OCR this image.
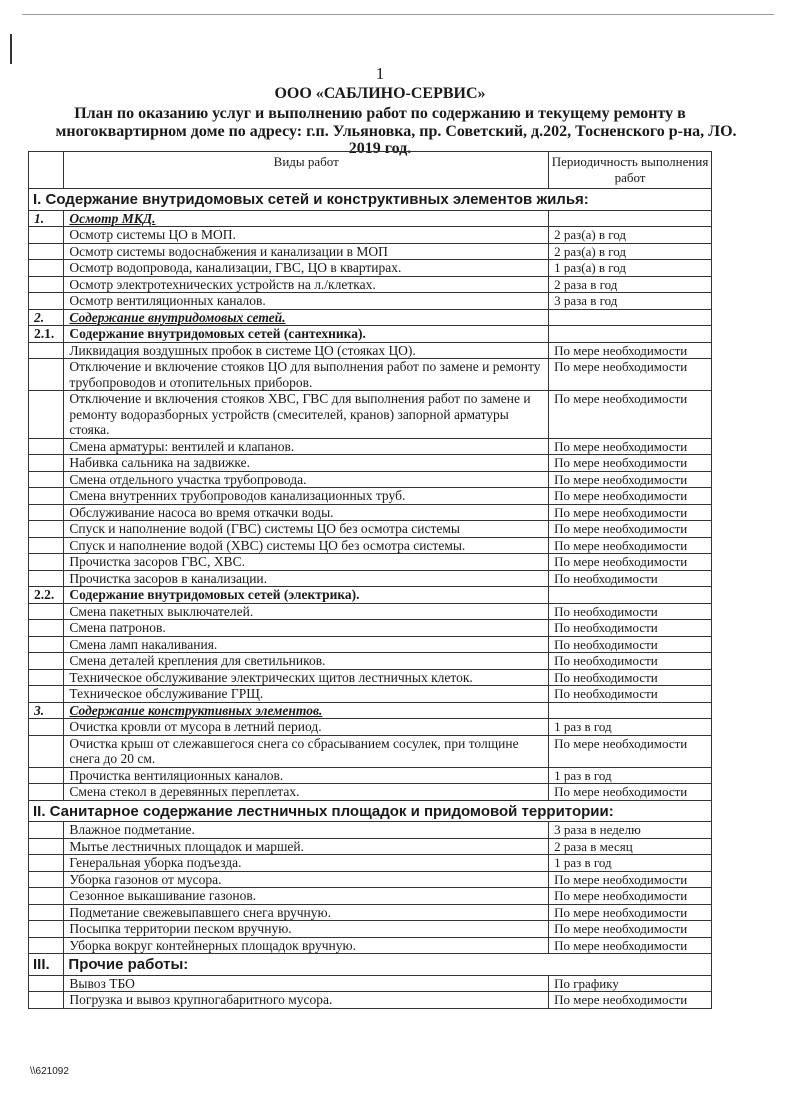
1
ООО «САБЛИНО-СЕРВИС»
План по оказанию услуг и выполнению работ по содержанию и текущему ремонту в
многоквартирном доме по адресу: г.п. Ульяновка, пр. Советский, д.202, Тосненского р-на, ЛО.
2019 год.
	Виды работ	Периодичность выполнения работ
I. Содержание внутридомовых сетей и конструктивных элементов жилья:		
1.	Осмотр МКД.	
	Осмотр системы ЦО в МОП.	2 раз(а) в год
	Осмотр системы водоснабжения и канализации в МОП	2 раз(а) в год
	Осмотр водопровода, канализации, ГВС, ЦО в квартирах.	1 раз(а) в год
	Осмотр электротехнических устройств на л./клетках.	2 раза в год
	Осмотр вентиляционных каналов.	3 раза в год
2.	Содержание внутридомовых сетей.	
2.1.	Содержание внутридомовых сетей (сантехника).	
	Ликвидация воздушных пробок в системе ЦО (стояках ЦО).	По мере необходимости
	Отключение и включение стояков ЦО для выполнения работ по замене и ремонту трубопроводов и отопительных приборов.	По мере необходимости
	Отключение и включения стояков ХВС, ГВС для выполнения работ по замене и ремонту водоразборных устройств (смесителей, кранов) запорной арматуры стояка.	По мере необходимости
	Смена арматуры: вентилей и клапанов.	По мере необходимости
	Набивка сальника на задвижке.	По мере необходимости
	Смена отдельного участка трубопровода.	По мере необходимости
	Смена внутренних трубопроводов канализационных труб.	По мере необходимости
	Обслуживание насоса во время откачки воды.	По мере необходимости
	Спуск и наполнение водой (ГВС) системы ЦО без осмотра системы	По мере необходимости
	Спуск и наполнение водой (ХВС) системы ЦО без осмотра системы.	По мере необходимости
	Прочистка засоров ГВС, ХВС.	По мере необходимости
	Прочистка засоров в канализации.	По необходимости
2.2.	Содержание внутридомовых сетей (электрика).	
	Смена пакетных выключателей.	По необходимости
	Смена патронов.	По необходимости
	Смена ламп накаливания.	По необходимости
	Смена деталей крепления для светильников.	По необходимости
	Техническое обслуживание электрических щитов лестничных клеток.	По необходимости
	Техническое обслуживание ГРЩ.	По необходимости
3.	Содержание конструктивных элементов.	
	Очистка кровли от мусора в летний период.	1 раз в год
	Очистка крыш от слежавшегося снега со сбрасыванием сосулек, при толщине снега до 20 см.	По мере необходимости
	Прочистка вентиляционных каналов.	1 раз в год
	Смена стекол в деревянных переплетах.	По мере необходимости
II. Санитарное содержание лестничных площадок и придомовой территории:		
	Влажное подметание.	3 раза в неделю
	Мытье лестничных площадок и маршей.	2 раза в месяц
	Генеральная уборка подъезда.	1 раз в год
	Уборка газонов от мусора.	По мере необходимости
	Сезонное выкашивание газонов.	По мере необходимости
	Подметание свежевыпавшего снега вручную.	По мере необходимости
	Посыпка территории песком вручную.	По мере необходимости
	Уборка вокруг контейнерных площадок вручную.	По мере необходимости
III.	Прочие работы:	
	Вывоз ТБО	По графику
	Погрузка и вывоз крупногабаритного мусора.	По мере необходимости
\\621092
